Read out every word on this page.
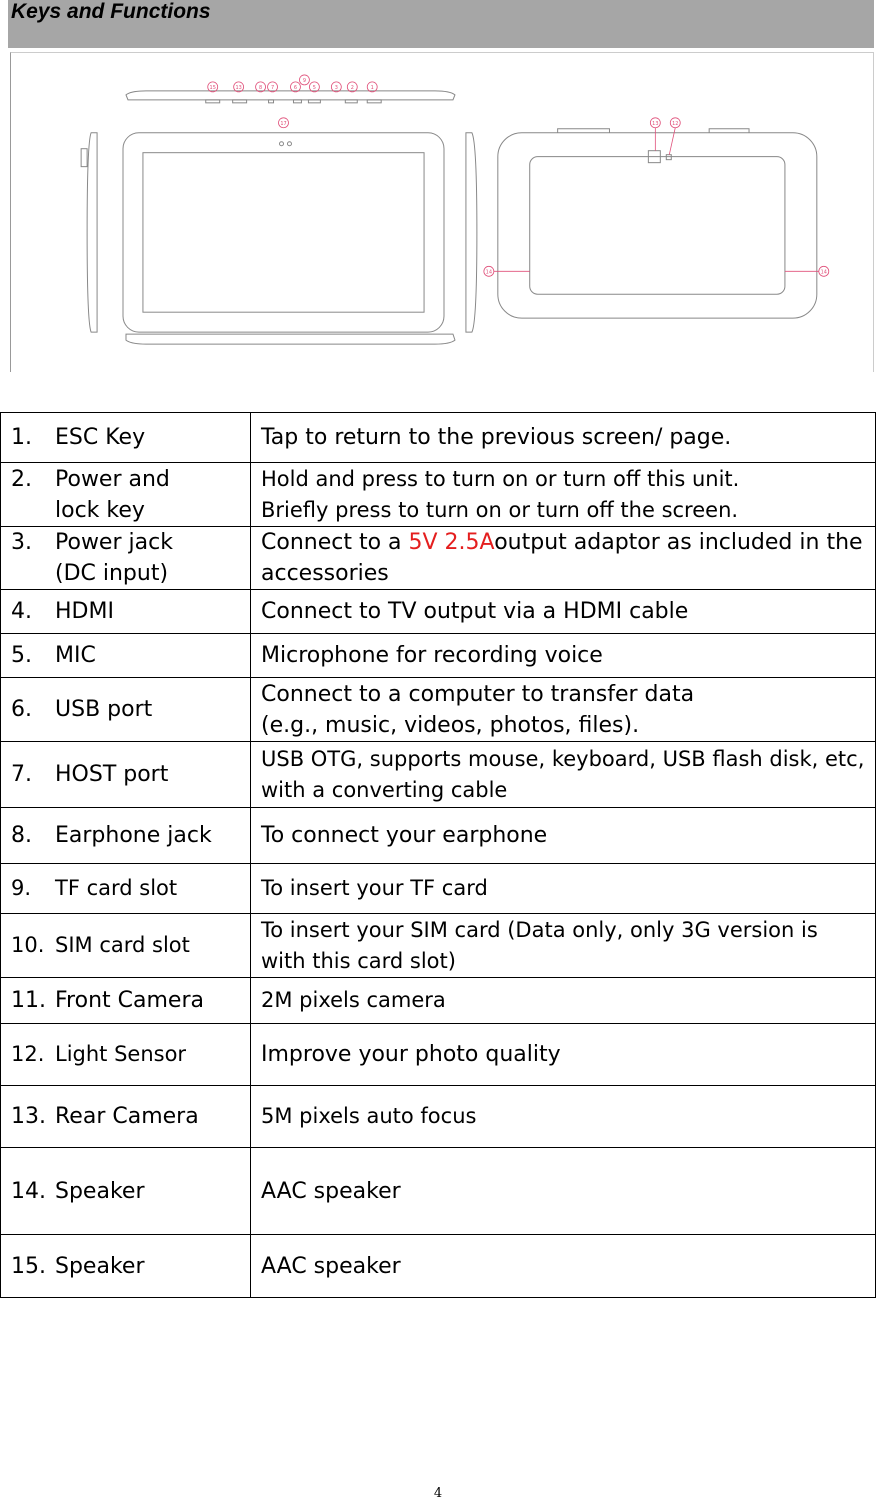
Keys and Functions
15	13	8 7	6
9
5	3	2	1
17	13	12
14	14
1. ESC Key	Tap to return to the previous screen/ page.
2. Power and lock key	Hold and press to turn on or turn off this unit.
Briefly press to turn on or turn off the screen.

3. Power jack (DC input)	Connect to a 5V 2.5Aoutput adaptor as included in the accessories
4. HDMI	Connect to TV output via a HDMI cable
5. MIC	Microphone for recording voice
6. USB port	Connect to a computer to transfer data
(e.g., music, videos, photos, files).

7. HOST port	USB OTG, supports mouse, keyboard, USB flash disk, etc, with a converting cable
8. Earphone jack	To connect your earphone
9. TF card slot	To insert your TF card
10. SIM card slot	To insert your SIM card (Data only, only 3G version is with this card slot)
11. Front Camera	2M pixels camera
12. Light Sensor	Improve your photo quality
13. Rear Camera	5M pixels auto focus
14. Speaker	AAC speaker
15. Speaker	AAC speaker
4
